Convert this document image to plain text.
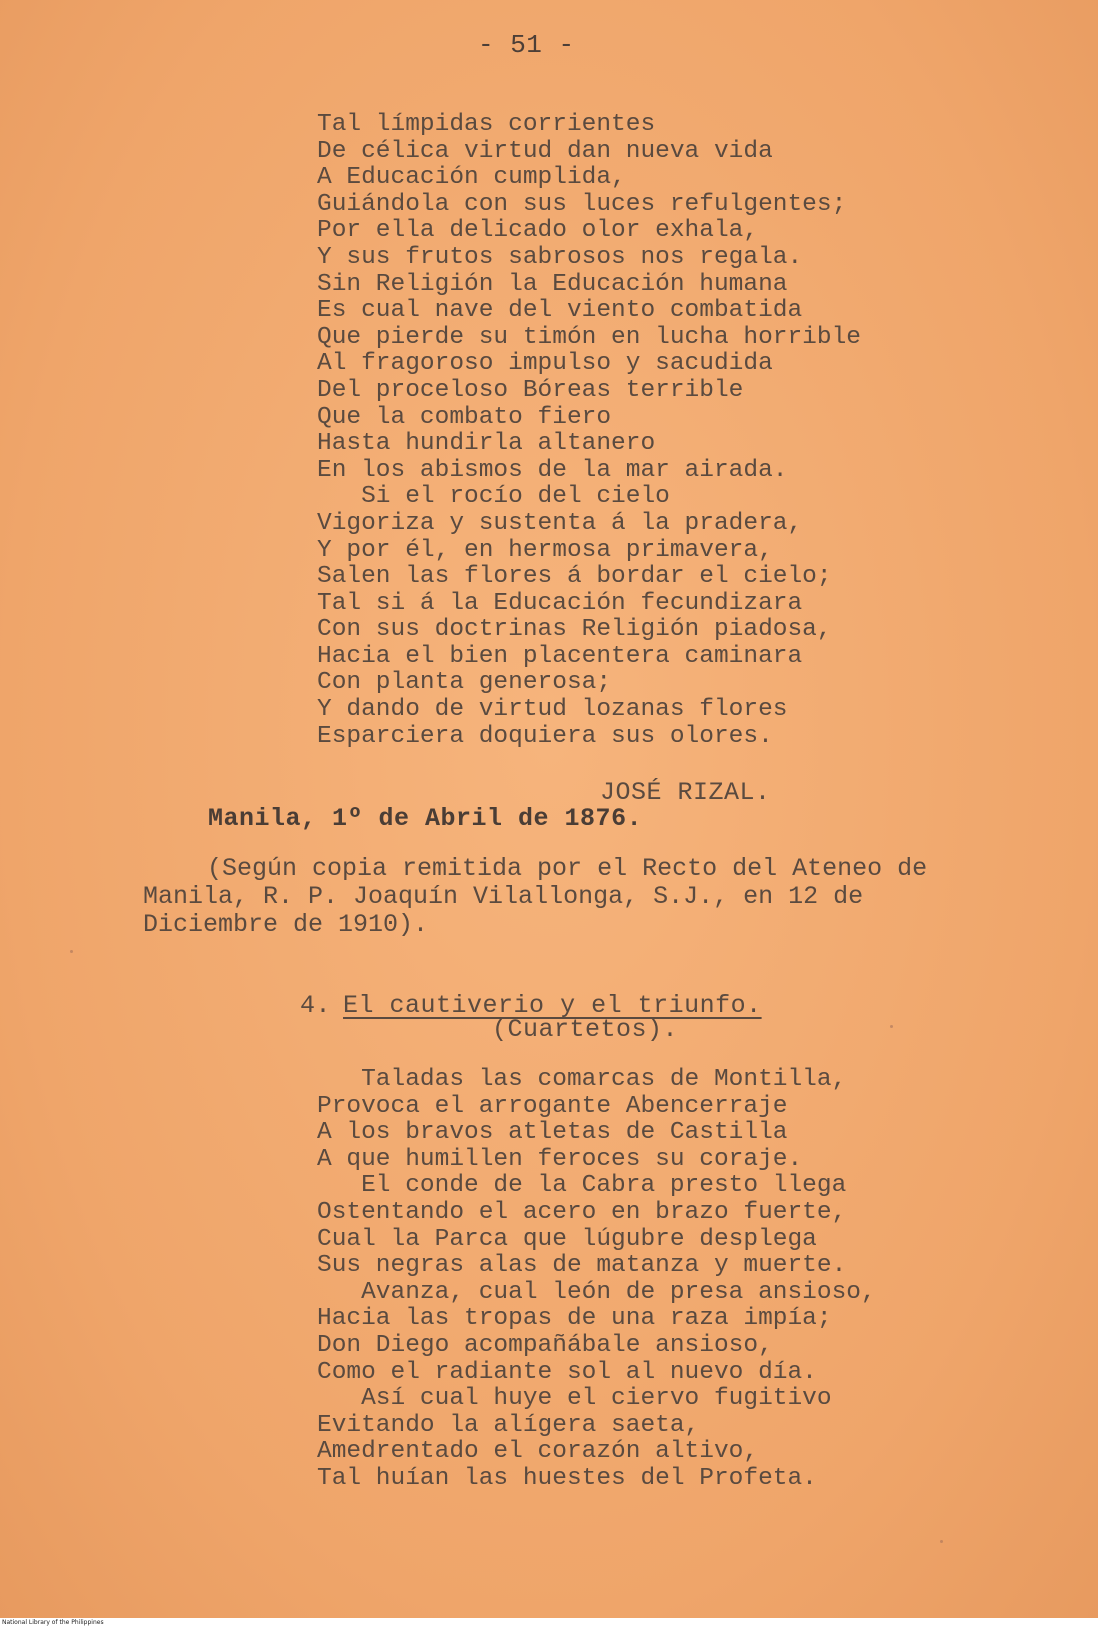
- 51 -
Tal límpidas corrientes
De célica virtud dan nueva vida
A Educación cumplida,
Guiándola con sus luces refulgentes;
Por ella delicado olor exhala,
Y sus frutos sabrosos nos regala.
Sin Religión la Educación humana
Es cual nave del viento combatida
Que pierde su timón en lucha horrible
Al fragoroso impulso y sacudida
Del proceloso Bóreas terrible
Que la combato fiero
Hasta hundirla altanero
En los abismos de la mar airada.
Si el rocío del cielo
Vigoriza y sustenta á la pradera,
Y por él, en hermosa primavera,
Salen las flores á bordar el cielo;
Tal si á la Educación fecundizara
Con sus doctrinas Religión piadosa,
Hacia el bien placentera caminara
Con planta generosa;
Y dando de virtud lozanas flores
Esparciera doquiera sus olores.
JOSÉ RIZAL.
Manila, 1º de Abril de 1876.
(Según copia remitida por el Recto del Ateneo de
Manila, R. P. Joaquín Vilallonga, S.J., en 12 de
Diciembre de 1910).

4. El cautiverio y el triunfo.

(Cuartetos).
Taladas las comarcas de Montilla,
Provoca el arrogante Abencerraje
A los bravos atletas de Castilla
A que humillen feroces su coraje.
El conde de la Cabra presto llega
Ostentando el acero en brazo fuerte,
Cual la Parca que lúgubre desplega
Sus negras alas de matanza y muerte.
Avanza, cual león de presa ansioso,
Hacia las tropas de una raza impía;
Don Diego acompañábale ansioso,
Como el radiante sol al nuevo día.
Así cual huye el ciervo fugitivo
Evitando la alígera saeta,
Amedrentado el corazón altivo,
Tal huían las huestes del Profeta.
National Library of the Philippines
